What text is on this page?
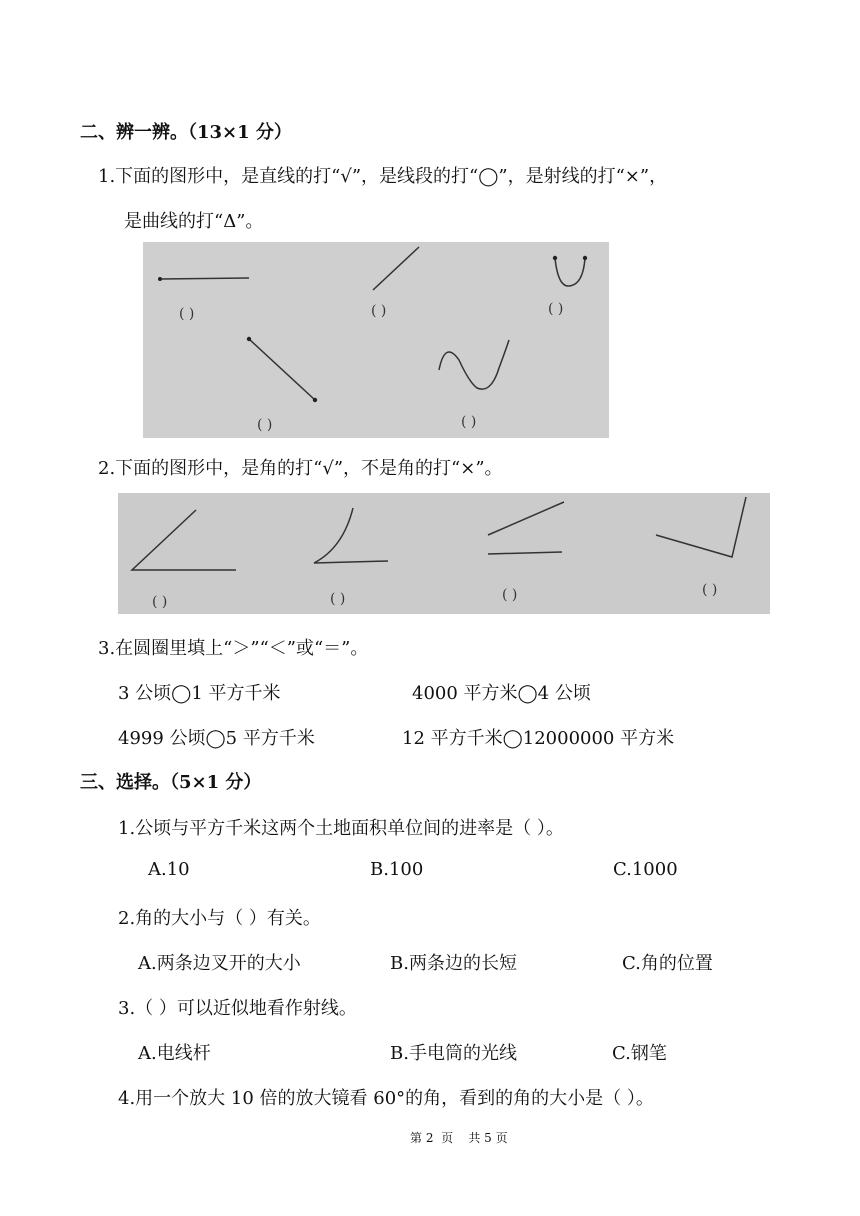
二、辨一辨。（13×1 分）
1.下面的图形中，是直线的打“√”，是线段的打“◯”，是射线的打“×”，
是曲线的打“Δ”。
( )	( )	( )
( )	( )
2.下面的图形中，是角的打“√”，不是角的打“×”。
( )	( )	( )	( )
3.在圆圈里填上“＞”“＜”或“＝”。
3 公顷◯1 平方千米	4000 平方米◯4 公顷
4999 公顷◯5 平方千米	12 平方千米◯12000000 平方米
三、选择。（5×1 分）
1.公顷与平方千米这两个土地面积单位间的进率是（ ）。
A.10	B.100	C.1000
2.角的大小与（ ）有关。
A.两条边叉开的大小	B.两条边的长短	C.角的位置
3.（ ）可以近似地看作射线。
A.电线杆	B.手电筒的光线	C.钢笔
4.用一个放大 10 倍的放大镜看 60°的角，看到的角的大小是（ ）。
第 2  页    共 5 页
